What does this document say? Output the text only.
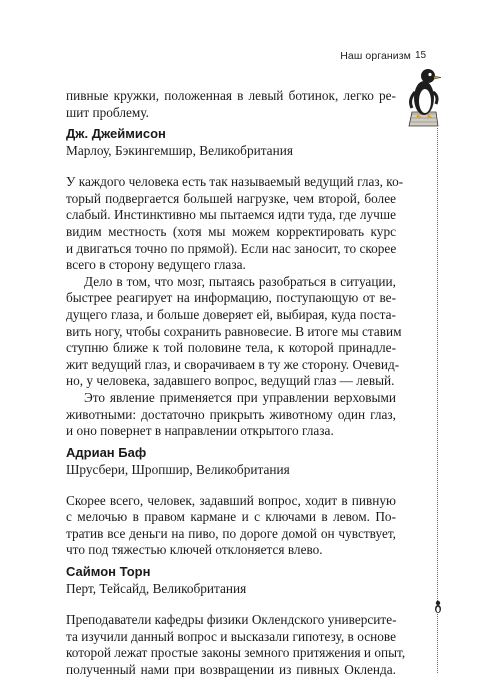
Наш организм 15

пивные кружки, положенная в левый ботинок, легко ре-
шит проблему.

Дж. Джеймисон
Марлоу, Бэкингемшир, Великобритания

У каждого человека есть так называемый ведущий глаз, ко-
торый подвергается большей нагрузке, чем второй, более
слабый. Инстинктивно мы пытаемся идти туда, где лучше
видим местность (хотя мы можем корректировать курс
и двигаться точно по прямой). Если нас заносит, то скорее
всего в сторону ведущего глаза.

Дело в том, что мозг, пытаясь разобраться в ситуации,
быстрее реагирует на информацию, поступающую от ве-
дущего глаза, и больше доверяет ей, выбирая, куда поста-
вить ногу, чтобы сохранить равновесие. В итоге мы ставим
ступню ближе к той половине тела, к которой принадле-
жит ведущий глаз, и сворачиваем в ту же сторону. Очевид-
но, у человека, задавшего вопрос, ведущий глаз — левый.

Это явление применяется при управлении верховыми
животными: достаточно прикрыть животному один глаз,
и оно повернет в направлении открытого глаза.

Адриан Баф
Шрусбери, Шропшир, Великобритания

Скорее всего, человек, задавший вопрос, ходит в пивную
с мелочью в правом кармане и с ключами в левом. По-
тратив все деньги на пиво, по дороге домой он чувствует,
что под тяжестью ключей отклоняется влево.

Саймон Торн
Перт, Тейсайд, Великобритания

Преподаватели кафедры физики Оклендского университе-
та изучили данный вопрос и высказали гипотезу, в основе
которой лежат простые законы земного притяжения и опыт,
полученный нами при возвращении из пивных Окленда.
